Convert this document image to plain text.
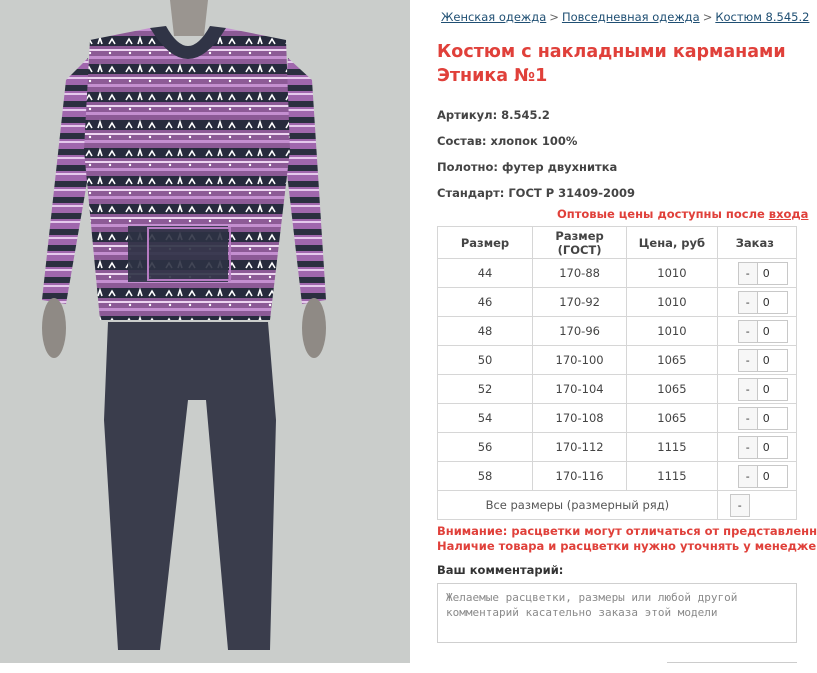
Женская одежда > Повседневная одежда > Костюм 8.545.2
Костюм с накладными карманами
Этника №1
Артикул: 8.545.2
Состав: хлопок 100%
Полотно: футер двухнитка
Стандарт: ГОСТ Р 31409-2009
Оптовые цены доступны после входа
Размер	Размер (ГОСТ)	Цена, руб	Заказ
44	170-88	1010	- 0

46	170-92	1010	- 0

48	170-96	1010	- 0

50	170-100	1065	- 0

52	170-104	1065	- 0

54	170-108	1065	- 0

56	170-112	1115	- 0

58	170-116	1115	- 0

Все размеры (размерный ряд)			-
Внимание: расцветки могут отличаться от представленн
Наличие товара и расцветки нужно уточнять у менедже
Ваш комментарий:
Желаемые расцветки, размеры или любой другой комментарий касательно заказа этой модели
